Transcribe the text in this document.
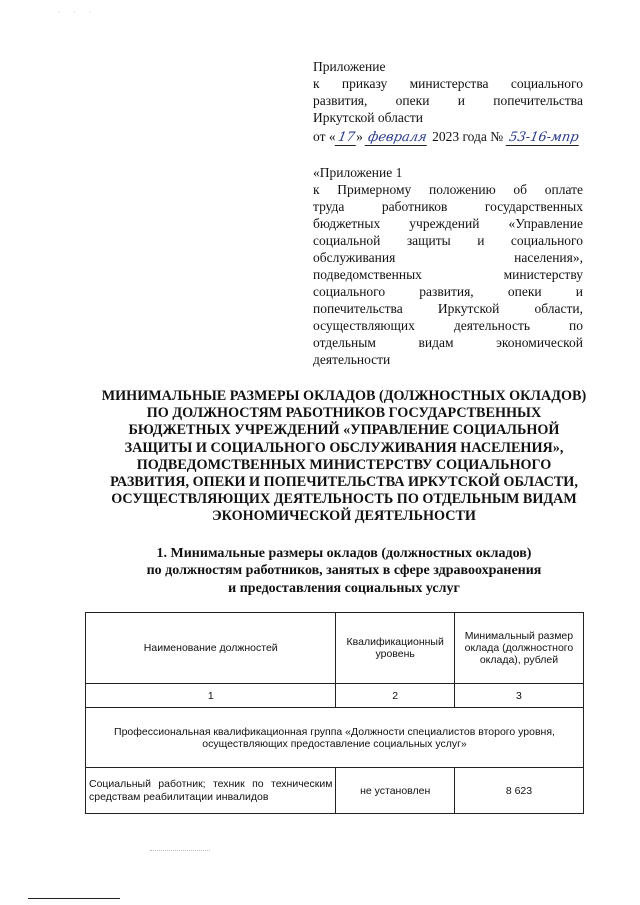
· · ·
Приложение
к приказу министерства социального
развития, опеки и попечительства
Иркутской области
от «17» февраля 2023 года № 53-16-мпр
«Приложение 1
к Примерному положению об оплате
труда работников государственных
бюджетных учреждений «Управление
социальной защиты и социального
обслуживания населения»,
подведомственных министерству
социального развития, опеки и
попечительства Иркутской области,
осуществляющих деятельность по
отдельным видам экономической
деятельности
МИНИМАЛЬНЫЕ РАЗМЕРЫ ОКЛАДОВ (ДОЛЖНОСТНЫХ ОКЛАДОВ)
ПО ДОЛЖНОСТЯМ РАБОТНИКОВ ГОСУДАРСТВЕННЫХ
БЮДЖЕТНЫХ УЧРЕЖДЕНИЙ «УПРАВЛЕНИЕ СОЦИАЛЬНОЙ
ЗАЩИТЫ И СОЦИАЛЬНОГО ОБСЛУЖИВАНИЯ НАСЕЛЕНИЯ»,
ПОДВЕДОМСТВЕННЫХ МИНИСТЕРСТВУ СОЦИАЛЬНОГО
РАЗВИТИЯ, ОПЕКИ И ПОПЕЧИТЕЛЬСТВА ИРКУТСКОЙ ОБЛАСТИ,
ОСУЩЕСТВЛЯЮЩИХ ДЕЯТЕЛЬНОСТЬ ПО ОТДЕЛЬНЫМ ВИДАМ
ЭКОНОМИЧЕСКОЙ ДЕЯТЕЛЬНОСТИ
1. Минимальные размеры окладов (должностных окладов)
по должностям работников, занятых в сфере здравоохранения
и предоставления социальных услуг
Наименование должностей	Квалификационный уровень	Минимальный размер оклада (должностного оклада), рублей
1	2	3
Профессиональная квалификационная группа «Должности специалистов второго уровня, осуществляющих предоставление социальных услуг»		
Социальный работник; техник по техническим средствам реабилитации инвалидов	не установлен	8 623
